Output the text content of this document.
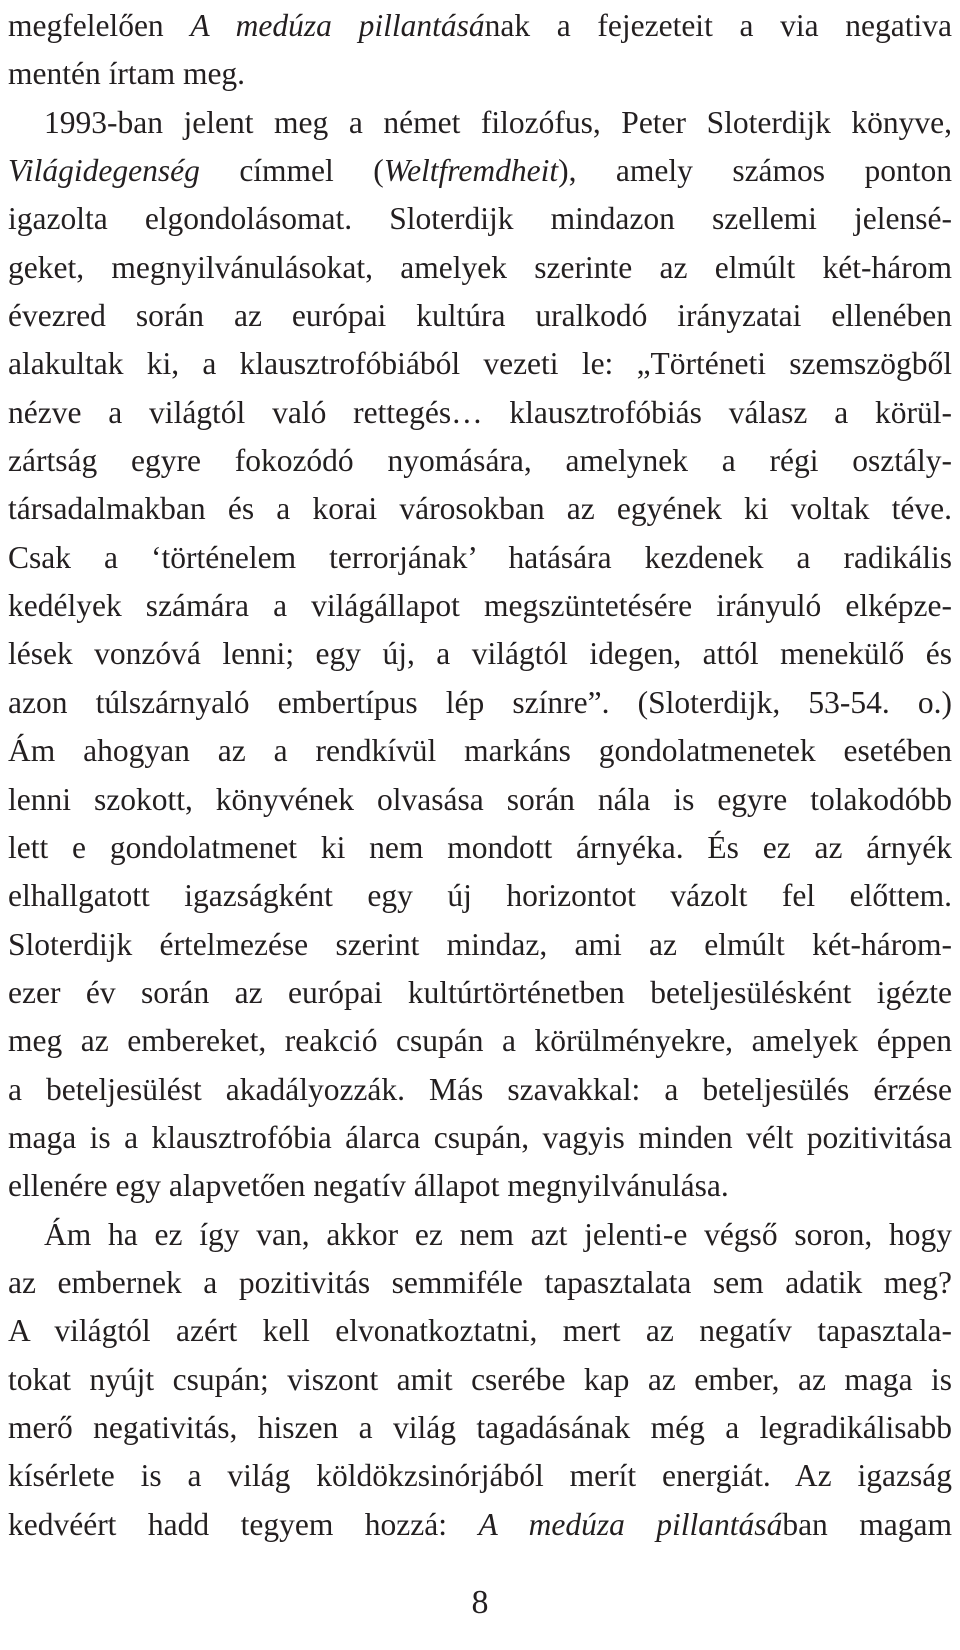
megfelelően A medúza pillantásának a fejezeteit a via negativa
mentén írtam meg.
1993-ban jelent meg a német filozófus, Peter Sloterdijk könyve,
Világidegenség címmel (Weltfremdheit), amely számos ponton
igazolta elgondolásomat. Sloterdijk mindazon szellemi jelensé-
geket, megnyilvánulásokat, amelyek szerinte az elmúlt két-három
évezred során az európai kultúra uralkodó irányzatai ellenében
alakultak ki, a klausztrofóbiából vezeti le: „Történeti szemszögből
nézve a világtól való rettegés… klausztrofóbiás válasz a körül-
zártság egyre fokozódó nyomására, amelynek a régi osztály-
társadalmakban és a korai városokban az egyének ki voltak téve.
Csak a ‘történelem terrorjának’ hatására kezdenek a radikális
kedélyek számára a világállapot megszüntetésére irányuló elképze-
lések vonzóvá lenni; egy új, a világtól idegen, attól menekülő és
azon túlszárnyaló embertípus lép színre”. (Sloterdijk, 53-54. o.)
Ám ahogyan az a rendkívül markáns gondolatmenetek esetében
lenni szokott, könyvének olvasása során nála is egyre tolakodóbb
lett e gondolatmenet ki nem mondott árnyéka. És ez az árnyék
elhallgatott igazságként egy új horizontot vázolt fel előttem.
Sloterdijk értelmezése szerint mindaz, ami az elmúlt két-három-
ezer év során az európai kultúrtörténetben beteljesülésként igézte
meg az embereket, reakció csupán a körülményekre, amelyek éppen
a beteljesülést akadályozzák. Más szavakkal: a beteljesülés érzése
maga is a klausztrofóbia álarca csupán, vagyis minden vélt pozitivitása
ellenére egy alapvetően negatív állapot megnyilvánulása.
Ám ha ez így van, akkor ez nem azt jelenti-e végső soron, hogy
az embernek a pozitivitás semmiféle tapasztalata sem adatik meg?
A világtól azért kell elvonatkoztatni, mert az negatív tapasztala-
tokat nyújt csupán; viszont amit cserébe kap az ember, az maga is
merő negativitás, hiszen a világ tagadásának még a legradikálisabb
kísérlete is a világ köldökzsinórjából merít energiát. Az igazság
kedvéért hadd tegyem hozzá: A medúza pillantásában magam
8
